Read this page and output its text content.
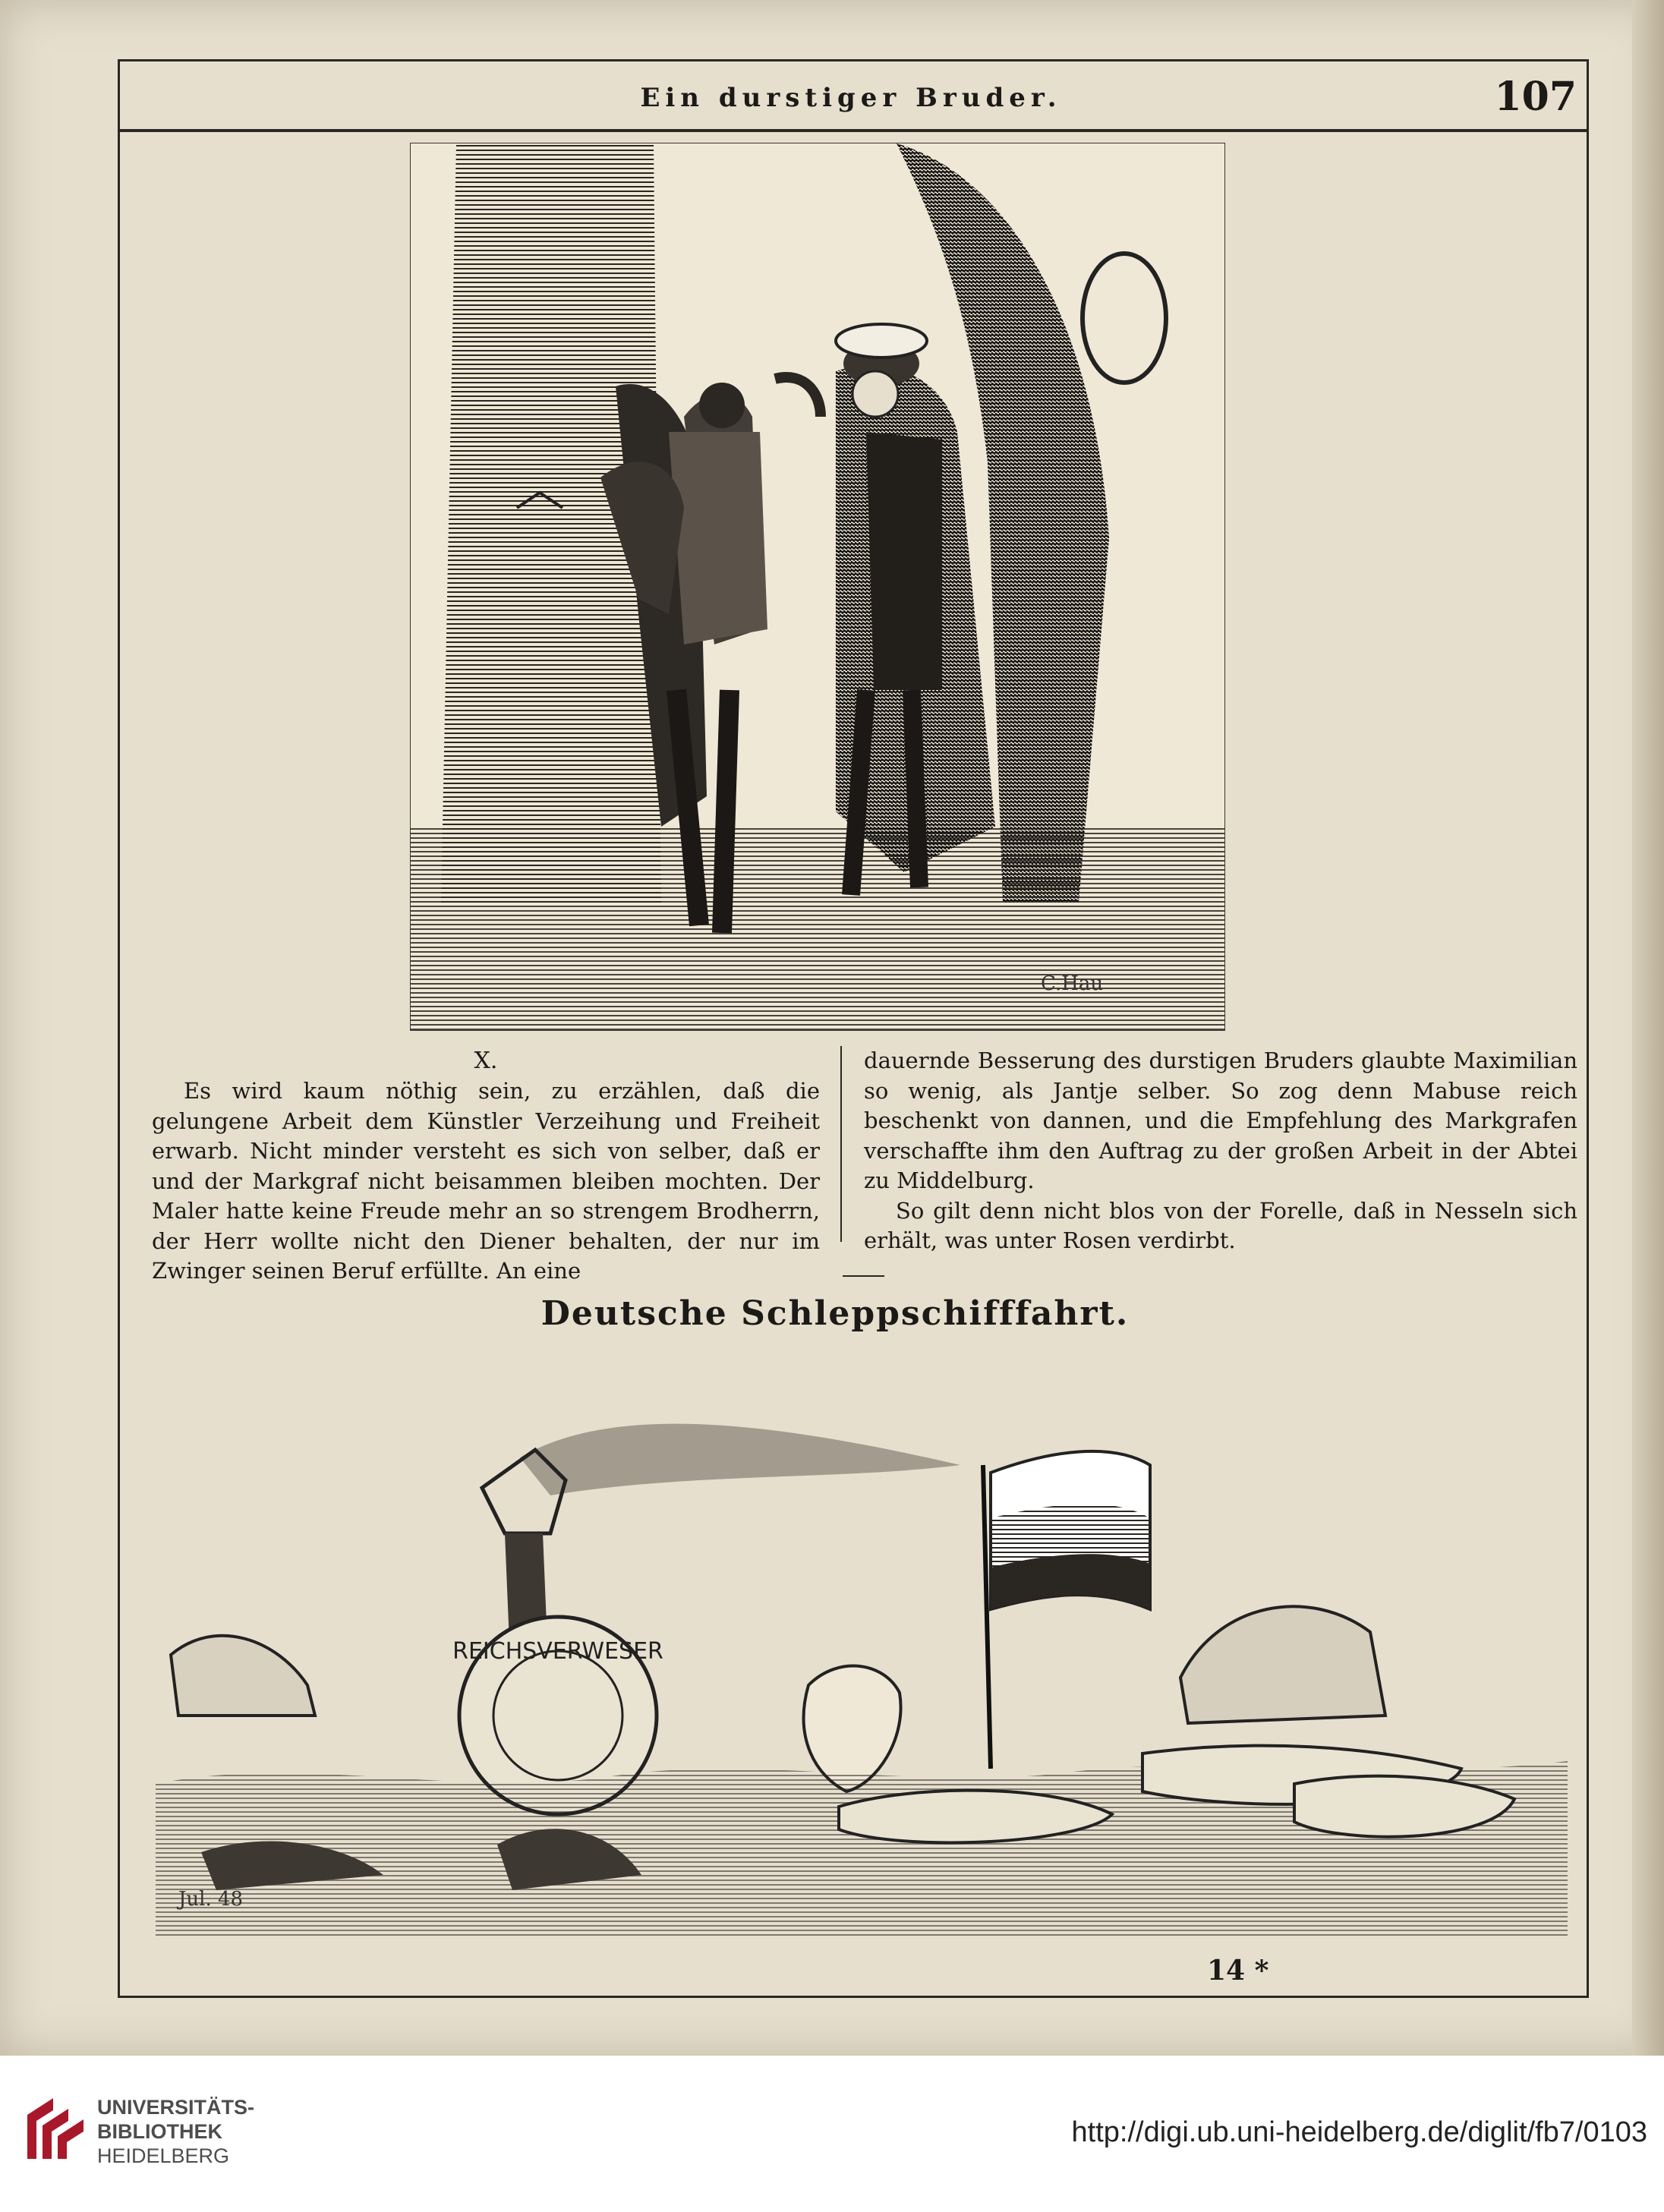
Ein durstiger Bruder.	107
C.Hau
X.

Es wird kaum nöthig sein, zu erzählen, daß die gelungene Arbeit dem Künstler Verzeihung und Freiheit erwarb. Nicht minder versteht es sich von selber, daß er und der Markgraf nicht beisammen bleiben mochten. Der Maler hatte keine Freude mehr an so strengem Brodherrn, der Herr wollte nicht den Diener behalten, der nur im Zwinger seinen Beruf erfüllte. An eine

dauernde Besserung des durstigen Bruders glaubte Maximilian so wenig, als Jantje selber. So zog denn Mabuse reich beschenkt von dannen, und die Empfehlung des Markgrafen verschaffte ihm den Auftrag zu der großen Arbeit in der Abtei zu Middelburg.

So gilt denn nicht blos von der Forelle, daß in Nesseln sich erhält, was unter Rosen verdirbt.

Deutsche Schleppschifffahrt.
REICHSVERWESER
Jul. 48
14 *
UNIVERSITÄTS-
BIBLIOTHEK
HEIDELBERG
http://digi.ub.uni-heidelberg.de/diglit/fb7/0103
